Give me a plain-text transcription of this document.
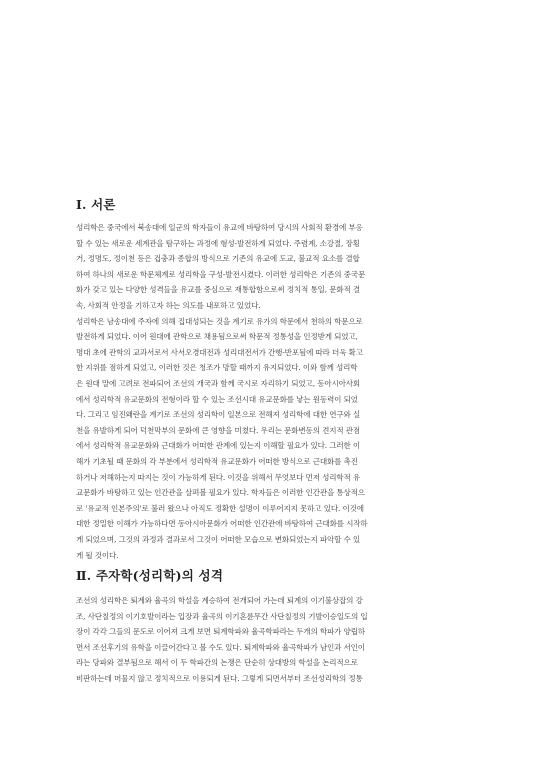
Ⅰ. 서론
성리학은 중국에서 북송대에 일군의 학자들이 유교에 바탕하여 당시의 사회적 환경에 부응
할 수 있는 새로운 세계관을 탐구하는 과정에 형성-발전하게 되었다. 주렴계, 소강절, 장횡
거, 정명도, 정이천 등은 겁충과 종합의 방식으로 기존의 유교에 도교, 불교적 요소를 결합
하여 하나의 새로운 학문체계로 성리학을 구성-발전시켰다. 이러한 성리학은 기존의 중국문
화가 갖고 있는 다양한 성격들을 유교를 중심으로 재통합함으로써 정치적 통일, 문화적 결
속, 사회적 안정을 기하고자 하는 의도를 내포하고 있었다.
성리학은 남송대에 주자에 의해 집대성되는 것을 계기로 유가의 학문에서 천하의 학문으로
발전하게 되었다. 이어 원대에 관학으로 채용됨으로써 학문적 정통성을 인정받게 되었고,
명대 초에 관학의 교과서로서 사서오경대전과 성리대전서가 간행-반포됨에 따라 더욱 확고
한 지위를 점하게 되었고, 이러한 것은 청조가 망할 때까지 유지되었다. 이와 함께 성리학
은 원대 말에 고려로 전파되어 조선의 개국과 함께 국시로 자리하기 되었고, 동아시아사회
에서 성리학적 유교문화의 전형이라 할 수 있는 조선시대 유교문화를 낳는 원동력이 되었
다. 그리고 임진왜란을 계기로 조선의 성리학이 일본으로 전해져 성리학에 대한 연구와 실
천을 유발하게 되어 덕천막부의 문화에 큰 영향을 미쳤다. 우리는 문화변동의 견지적 관점
에서 성리학적 유교문화와 근대화가 어떠한 관계에 있는지 이해할 필요가 있다. 그러한 이
해가 기초될 때 문화의 각 부분에서 성리학적 유교문화가 어떠한 방식으로 근대화를 촉진
하거나 저해하는지 따지는 것이 가능하게 된다. 이것을 위해서 무엇보다 먼저 성리학적 유
교문화가 바탕하고 있는 인간관을 살펴볼 필요가 있다. 학자들은 이러한 인간관을 통상적으
로 '유교적 인본주의'로 불러 왔으나 아직도 정확한 설명이 이루어지지 못하고 있다. 이것에
대한 정밀한 이해가 가능하다면 동아시아문화가 어떠한 인간관에 바탕하여 근대화를 시작하
게 되었으며, 그것의 과정과 결과로서 그것이 어떠한 모습으로 변화되었는지 파악할 수 있
게 될 것이다.
Ⅱ. 주자학(성리학)의 성격
조선의 성리학은 퇴계와 율곡의 학설을 계승하여 전개되어 가는데 퇴계의 이기불상잡의 강
조, 사단칠정의 이기호발이라는 입장과 율곡의 이기혼륜무간 사단칠정의 기발이승일도의 입
장이 각각 그들의 문도로 이어져 크게 보면 퇴계학파와 율곡학파라는 두개의 학파가 양립하
면서 조선후기의 유학을 이끌어간다고 볼 수도 있다. 퇴계학파와 율곡학파가 남인과 서인이
라는 당파와 결부됨으로 해서 이 두 학파간의 논쟁은 단순히 상대방의 학설을 논리적으로
비판하는데 머물지 않고 정치적으로 이용되게 된다. 그렇게 되면서부터 조선성리학의 정통
